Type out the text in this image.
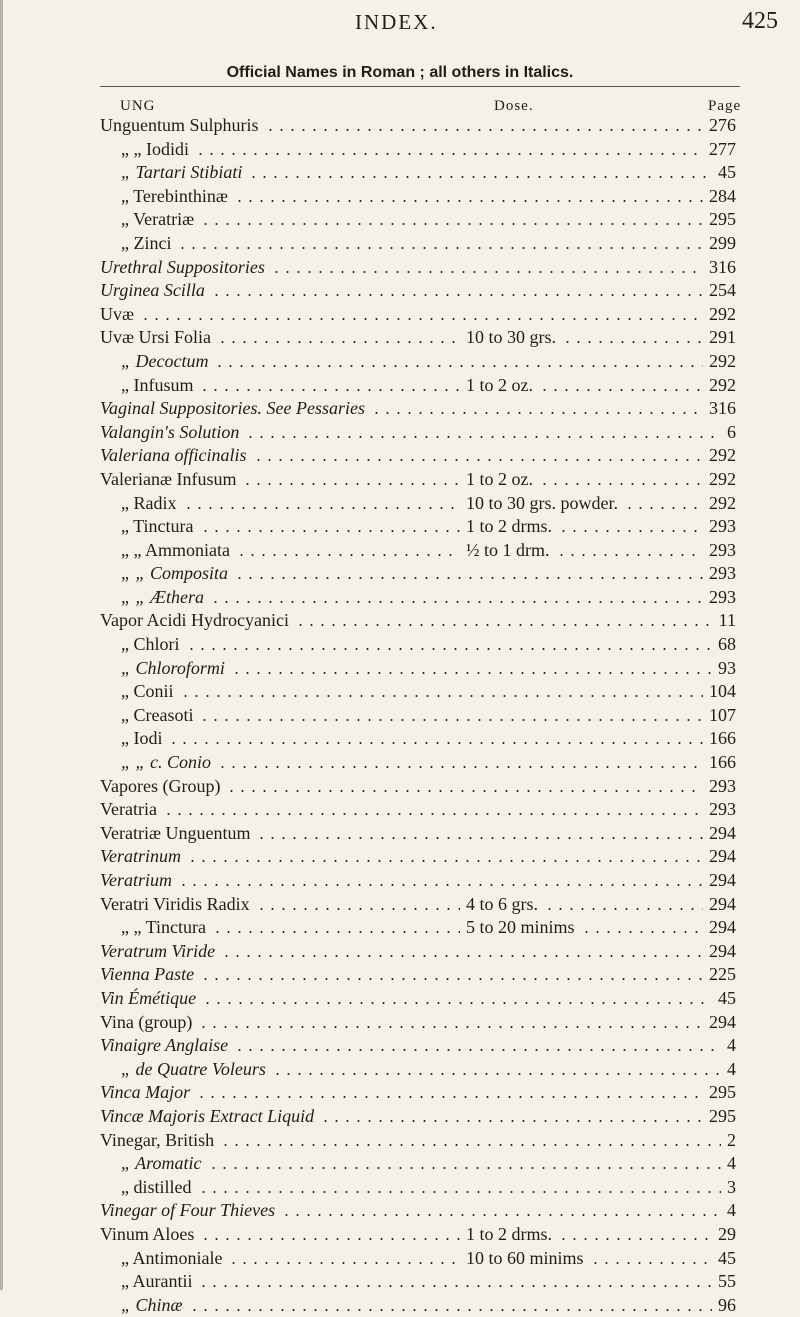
INDEX.	425
Official Names in Roman ; all others in Italics.
UNG	Dose.	Page
Unguentum Sulphuris	276
„ „ Iodidi	277
„ Tartari Stibiati	45
„ Terebinthinæ	284
„ Veratriæ	295
„ Zinci	299
Urethral Suppositories	316
Urginea Scilla	254
Uvæ	292
Uvæ Ursi Folia	10 to 30 grs.	291
„ Decoctum	292
„ Infusum	1 to 2 oz.	292
Vaginal Suppositories. See Pessaries	316
Valangin's Solution	6
Valeriana officinalis	292
Valerianæ Infusum	1 to 2 oz.	292
„ Radix	10 to 30 grs. powder.	292
„ Tinctura	1 to 2 drms.	293
„ „ Ammoniata	½ to 1 drm.	293
„ „ Composita	293
„ „ Æthera	293
Vapor Acidi Hydrocyanici	11
„ Chlori	68
„ Chloroformi	93
„ Conii	104
„ Creasoti	107
„ Iodi	166
„ „ c. Conio	166
Vapores (Group)	293
Veratria	293
Veratriæ Unguentum	294
Veratrinum	294
Veratrium	294
Veratri Viridis Radix	4 to 6 grs.	294
„ „ Tinctura	5 to 20 minims	294
Veratrum Viride	294
Vienna Paste	225
Vin Émétique	45
Vina (group)	294
Vinaigre Anglaise	4
„ de Quatre Voleurs	4
Vinca Major	295
Vincæ Majoris Extract Liquid	295
Vinegar, British	2
„ Aromatic	4
„ distilled	3
Vinegar of Four Thieves	4
Vinum Aloes	1 to 2 drms.	29
„ Antimoniale	10 to 60 minims	45
„ Aurantii	55
„ Chinæ	96
